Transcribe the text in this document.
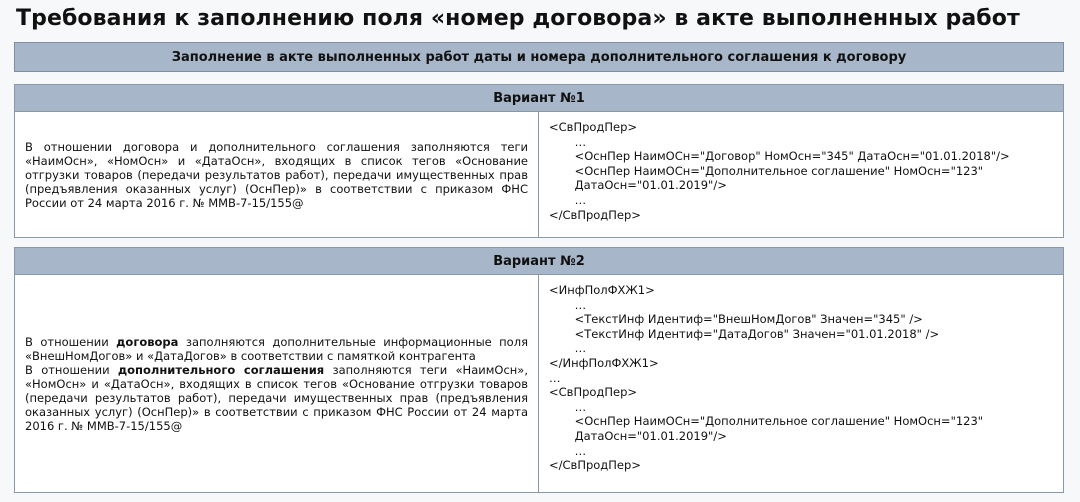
Требования к заполнению поля «номер договора» в акте выполненных работ
Заполнение в акте выполненных работ даты и номера дополнительного соглашения к договору
Вариант №1

В отношении договора и дополнительного соглашения заполняются теги «НаимОсн», «НомОсн» и «ДатаОсн», входящих в список тегов «Основание отгрузки товаров (передачи результатов работ), передачи имущественных прав (предъявления оказанных услуг) (ОснПер)» в соответствии с приказом ФНС России от 24 марта 2016 г. № ММВ-7-15/155@

<СвПродПер>
…
<ОснПер НаимОСн="Договор" НомОсн="345" ДатаОсн="01.01.2018"/>
<ОснПер НаимОСн="Дополнительное соглашение" НомОсн="123"
ДатаОсн="01.01.2019"/>
…
</СвПродПер>
Вариант №2

В отношении договора заполняются дополнительные информационные поля «ВнешНомДогов» и «ДатаДогов» в соответствии с памяткой контрагента

В отношении дополнительного соглашения заполняются теги «НаимОсн», «НомОсн» и «ДатаОсн», входящих в список тегов «Основание отгрузки товаров (передачи результатов работ), передачи имущественных прав (предъявления оказанных услуг) (ОснПер)» в соответствии с приказом ФНС России от 24 марта 2016 г. № ММВ-7-15/155@

<ИнфПолФХЖ1>
…
<ТекстИнф Идентиф="ВнешНомДогов" Значен="345" />
<ТекстИнф Идентиф="ДатаДогов" Значен="01.01.2018" />
…
</ИнфПолФХЖ1>
…
<СвПродПер>
…
<ОснПер НаимОСн="Дополнительное соглашение" НомОсн="123"
ДатаОсн="01.01.2019"/>
…
</СвПродПер>
